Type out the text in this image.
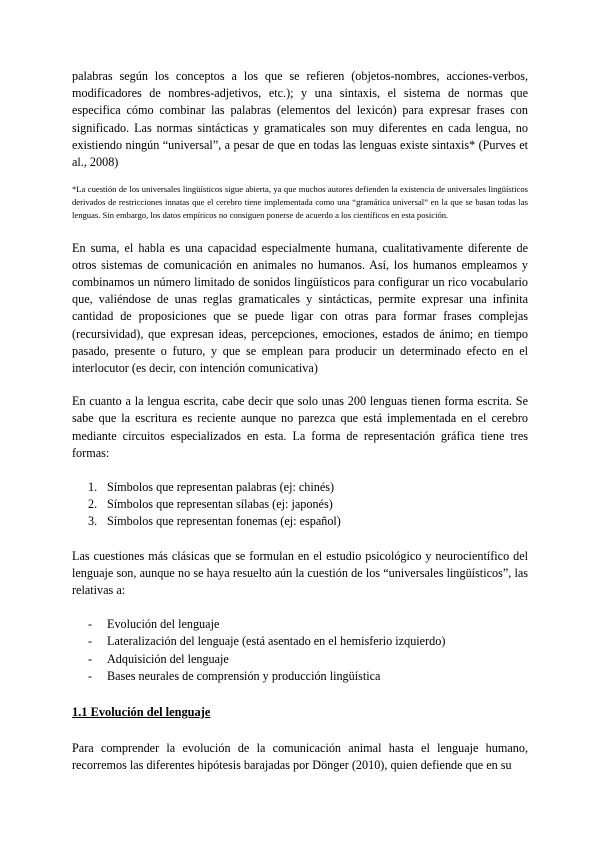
palabras según los conceptos a los que se refieren (objetos-nombres, acciones-verbos, modificadores de nombres-adjetivos, etc.); y una sintaxis, el sistema de normas que especifica cómo combinar las palabras (elementos del lexicón) para expresar frases con significado. Las normas sintácticas y gramaticales son muy diferentes en cada lengua, no existiendo ningún “universal”, a pesar de que en todas las lenguas existe sintaxis* (Purves et al., 2008)

*La cuestión de los universales lingüísticos sigue abierta, ya que muchos autores defienden la existencia de universales lingüísticos derivados de restricciones innatas que el cerebro tiene implementada como una “gramática universal” en la que se basan todas las lenguas. Sin embargo, los datos empíricos no consiguen ponerse de acuerdo a los científicos en esta posición.

En suma, el habla es una capacidad especialmente humana, cualitativamente diferente de otros sistemas de comunicación en animales no humanos. Así, los humanos empleamos y combinamos un número limitado de sonidos lingüísticos para configurar un rico vocabulario que, valiéndose de unas reglas gramaticales y sintácticas, permite expresar una infinita cantidad de proposiciones que se puede ligar con otras para formar frases complejas (recursividad), que expresan ideas, percepciones, emociones, estados de ánimo; en tiempo pasado, presente o futuro, y que se emplean para producir un determinado efecto en el interlocutor (es decir, con intención comunicativa)

En cuanto a la lengua escrita, cabe decir que solo unas 200 lenguas tienen forma escrita. Se sabe que la escritura es reciente aunque no parezca que está implementada en el cerebro mediante circuitos especializados en esta. La forma de representación gráfica tiene tres formas:

1. Símbolos que representan palabras (ej: chinés)
2. Símbolos que representan sílabas (ej: japonés)
3. Símbolos que representan fonemas (ej: español)

Las cuestiones más clásicas que se formulan en el estudio psicológico y neurocientífico del lenguaje son, aunque no se haya resuelto aún la cuestión de los “universales lingüísticos”, las relativas a:

- Evolución del lenguaje
- Lateralización del lenguaje (está asentado en el hemisferio izquierdo)
- Adquisición del lenguaje
- Bases neurales de comprensión y producción lingüística
1.1 Evolución del lenguaje

Para comprender la evolución de la comunicación animal hasta el lenguaje humano, recorremos las diferentes hipótesis barajadas por Dönger (2010), quien defiende que en su
